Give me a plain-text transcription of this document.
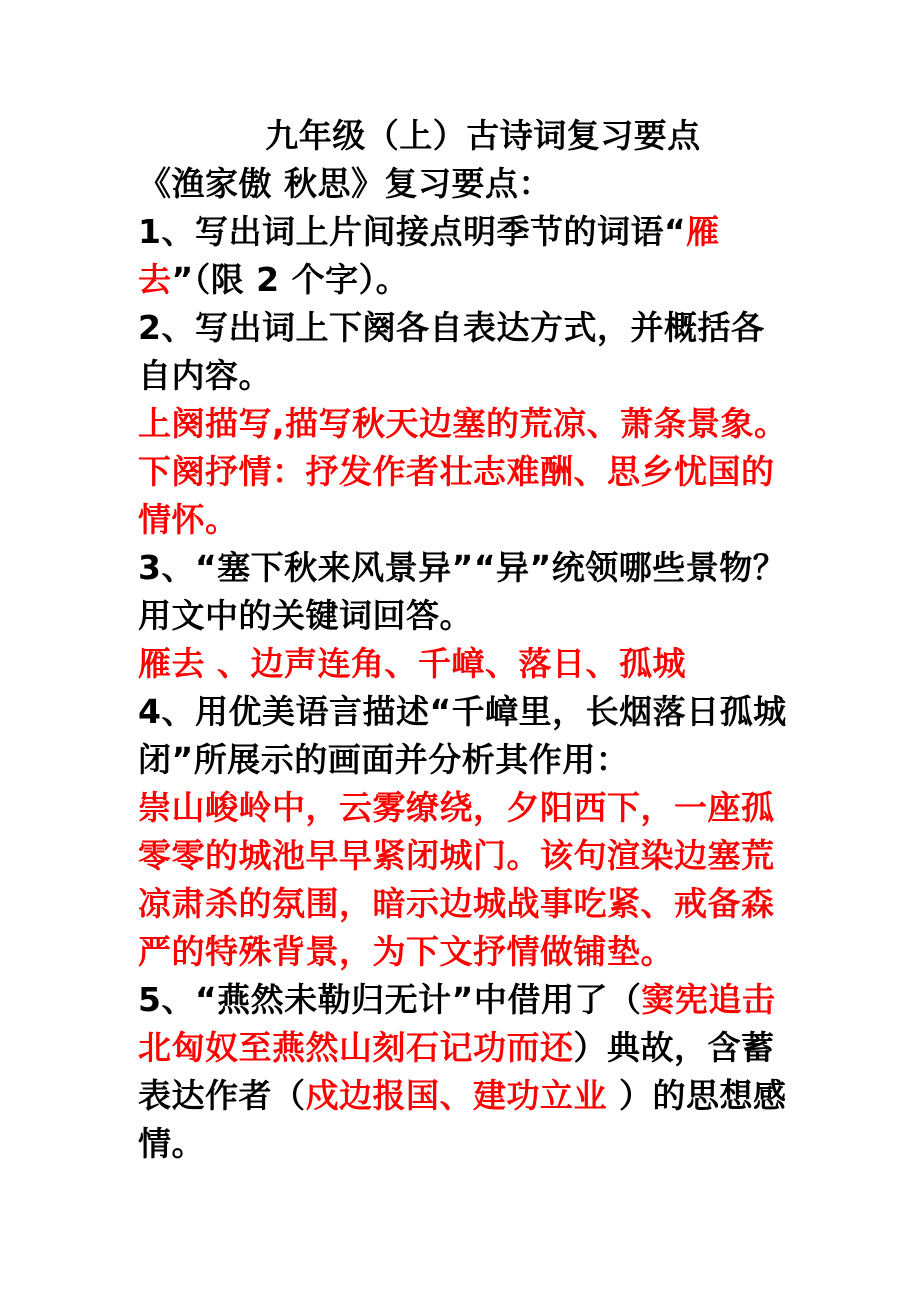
九年级（上）古诗词复习要点

《渔家傲 秋思》复习要点：

1、写出词上片间接点明季节的词语“雁去”（限 2 个字）。

2、写出词上下阕各自表达方式，并概括各自内容。

上阕描写,描写秋天边塞的荒凉、萧条景象。

下阕抒情：抒发作者壮志难酬、思乡忧国的情怀。

3、“塞下秋来风景异”“异”统领哪些景物？用文中的关键词回答。

雁去 、边声连角、千嶂、落日、孤城

4、用优美语言描述“千嶂里，长烟落日孤城闭”所展示的画面并分析其作用：

崇山峻岭中，云雾缭绕，夕阳西下，一座孤零零的城池早早紧闭城门。该句渲染边塞荒凉肃杀的氛围，暗示边城战事吃紧、戒备森严的特殊背景，为下文抒情做铺垫。

5、“燕然未勒归无计”中借用了（窦宪追击北匈奴至燕然山刻石记功而还）典故，含蓄表达作者（戍边报国、建功立业 ）的思想感情。
